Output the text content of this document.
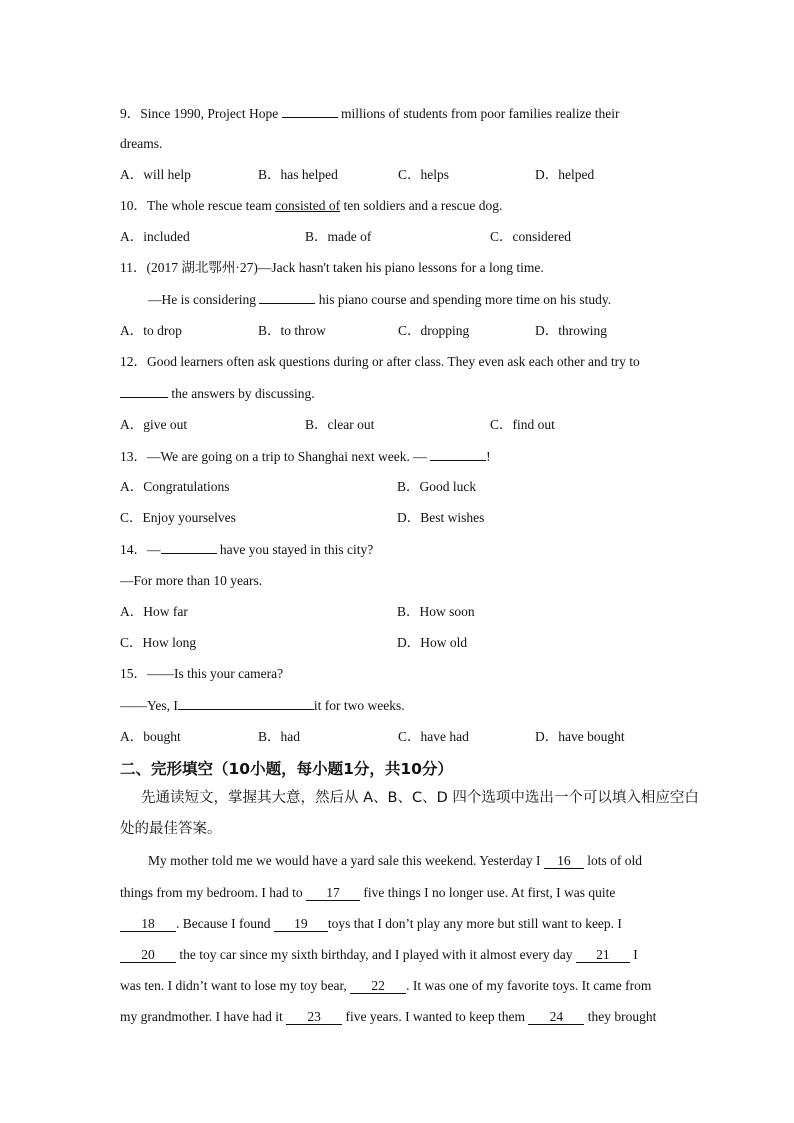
9．Since 1990, Project Hope	millions of students from poor families realize their
dreams.
A．will help	B．has helped	C．helps	D．helped
10．The whole rescue team consisted of ten soldiers and a rescue dog.
A．included	B．made of	C．considered
11．(2017 湖北鄂州·27)—Jack hasn't taken his piano lessons for a long time.
—He is considering	his piano course and spending more time on his study.
A．to drop	B．to throw	C．dropping	D．throwing
12．Good learners often ask questions during or after class. They even ask each other and try to
the answers by discussing.
A．give out	B．clear out	C．find out
13．—We are going on a trip to Shanghai next week. —	!
A．Congratulations	B．Good luck
C．Enjoy yourselves	D．Best wishes
14．—	have you stayed in this city?
—For more than 10 years.
A．How far	B．How soon
C．How long	D．How old
15．——Is this your camera?
——Yes, I	it for two weeks.
A．bought	B．had	C．have had	D．have bought
二、完形填空（10小题，每小题1分，共10分）
先通读短文，掌握其大意，然后从 A、B、C、D 四个选项中选出一个可以填入相应空白
处的最佳答案。
My mother told me we would have a yard sale this weekend. Yesterday I 16 lots of old
things from my bedroom. I had to 17 five things I no longer use. At first, I was quite
18 . Because I found 19 toys that I don’t play any more but still want to keep. I
20 the toy car since my sixth birthday, and I played with it almost every day 21 I
was ten. I didn’t want to lose my toy bear, 22 . It was one of my favorite toys. It came from
my grandmother. I have had it 23 five years. I wanted to keep them 24 they brought
